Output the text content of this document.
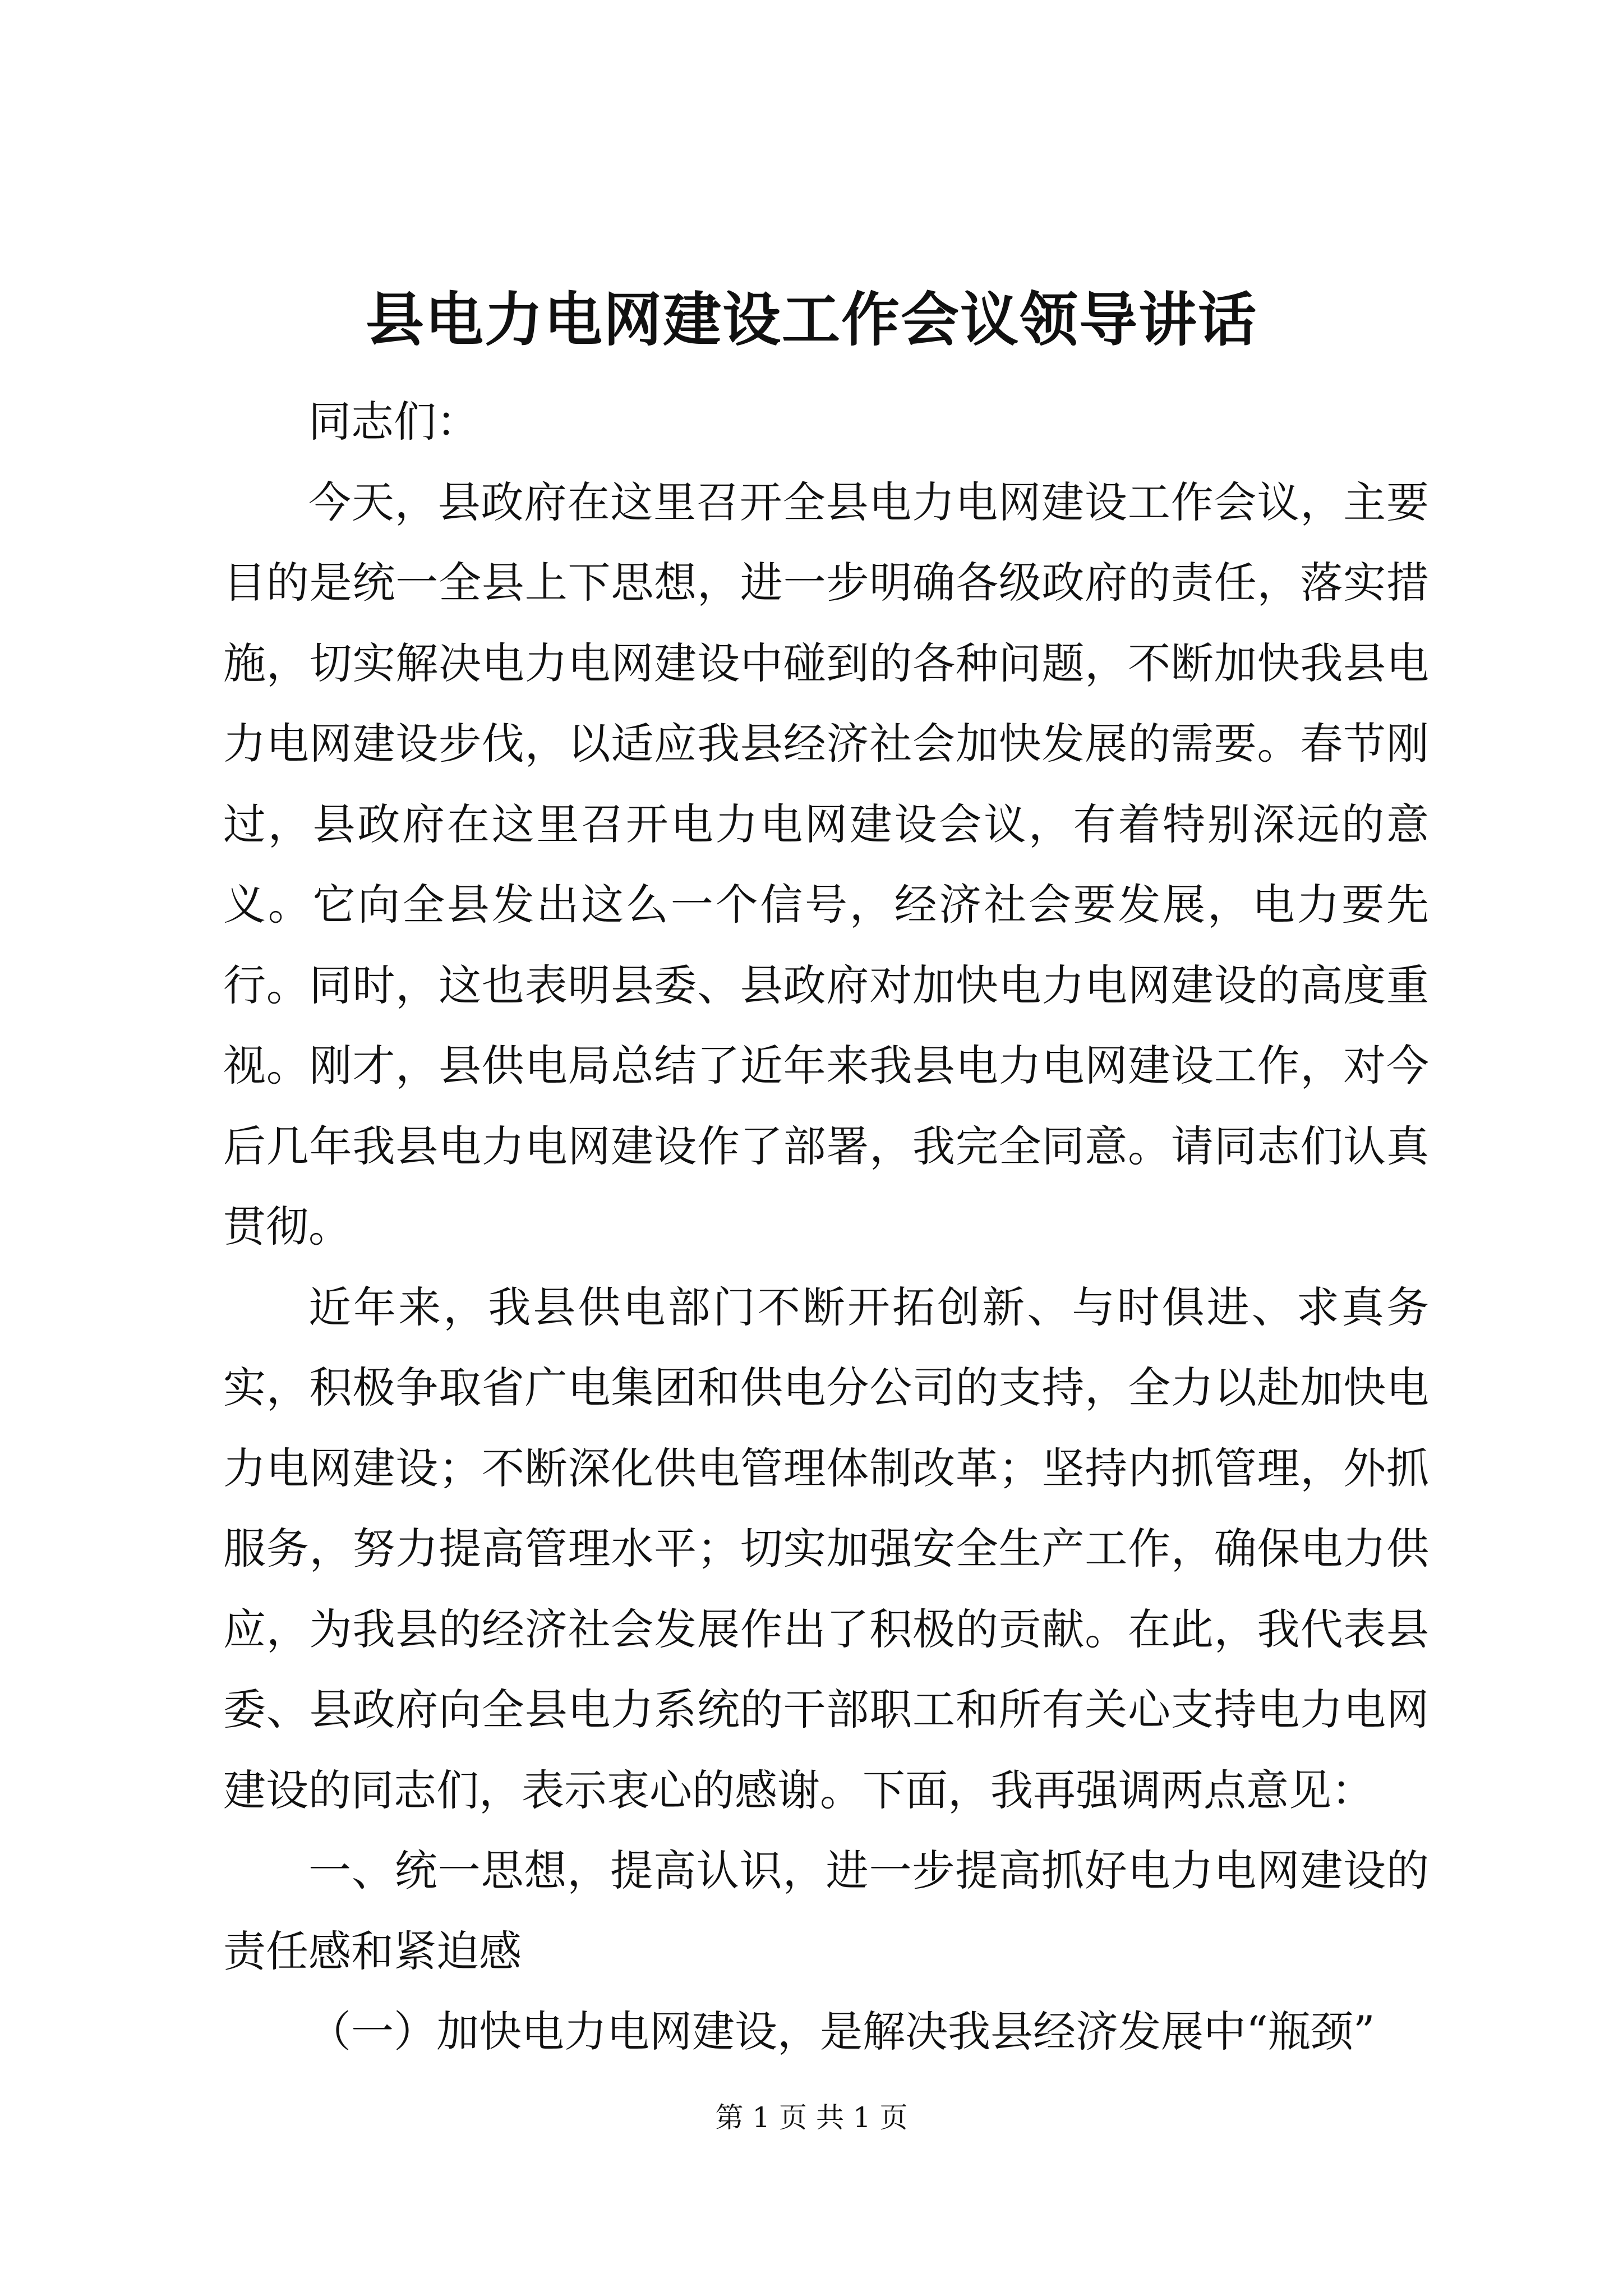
县电力电网建设工作会议领导讲话

同志们：

今天，县政府在这里召开全县电力电网建设工作会议，主要目的是统一全县上下思想，进一步明确各级政府的责任，落实措施，切实解决电力电网建设中碰到的各种问题，不断加快我县电力电网建设步伐，以适应我县经济社会加快发展的需要。春节刚过，县政府在这里召开电力电网建设会议，有着特别深远的意义。它向全县发出这么一个信号，经济社会要发展，电力要先行。同时，这也表明县委、县政府对加快电力电网建设的高度重视。刚才，县供电局总结了近年来我县电力电网建设工作，对今后几年我县电力电网建设作了部署，我完全同意。请同志们认真贯彻。

近年来，我县供电部门不断开拓创新、与时俱进、求真务实，积极争取省广电集团和供电分公司的支持，全力以赴加快电力电网建设；不断深化供电管理体制改革；坚持内抓管理，外抓服务，努力提高管理水平；切实加强安全生产工作，确保电力供应，为我县的经济社会发展作出了积极的贡献。在此，我代表县委、县政府向全县电力系统的干部职工和所有关心支持电力电网建设的同志们，表示衷心的感谢。下面，我再强调两点意见：

一、统一思想，提高认识，进一步提高抓好电力电网建设的责任感和紧迫感

（一）加快电力电网建设，是解决我县经济发展中“瓶颈”

第 1 页 共 1 页
